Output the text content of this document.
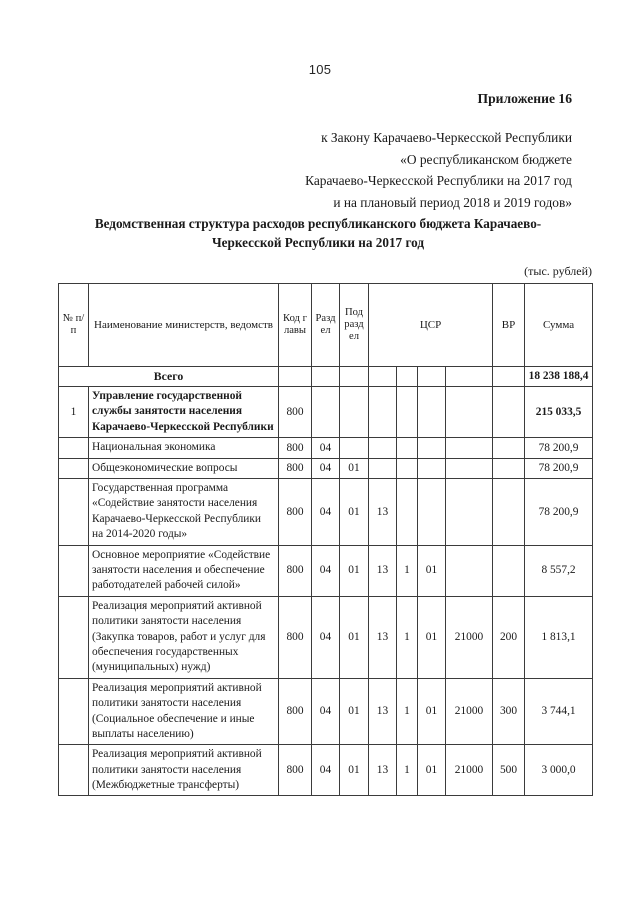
105
Приложение 16
к Закону Карачаево-Черкесской Республики
«О республиканском бюджете
Карачаево-Черкесской Республики на 2017 год
и на плановый период 2018 и 2019 годов»
Ведомственная структура расходов республиканского бюджета Карачаево-
Черкесской Республики на 2017 год
(тыс. рублей)
№ п/п	Наименование министерств, ведомств	Код главы	Раздел	Подраздел	ЦСР				ВР	Сумма
Всего										18 238 188,4
1	Управление государственной службы занятости населения Карачаево-Черкесской Республики	800								215 033,5
	Национальная экономика	800	04							78 200,9
	Общеэкономические вопросы	800	04	01						78 200,9
	Государственная программа «Содействие занятости населения Карачаево-Черкесской Республики на 2014-2020 годы»	800	04	01	13					78 200,9
	Основное мероприятие «Содействие занятости населения и обеспечение работодателей рабочей силой»	800	04	01	13	1	01			8 557,2
	Реализация мероприятий активной политики занятости населения (Закупка товаров, работ и услуг для обеспечения государственных (муниципальных) нужд)	800	04	01	13	1	01	21000	200	1 813,1
	Реализация мероприятий активной политики занятости населения (Социальное обеспечение и иные выплаты населению)	800	04	01	13	1	01	21000	300	3 744,1
	Реализация мероприятий активной политики занятости населения (Межбюджетные трансферты)	800	04	01	13	1	01	21000	500	3 000,0
